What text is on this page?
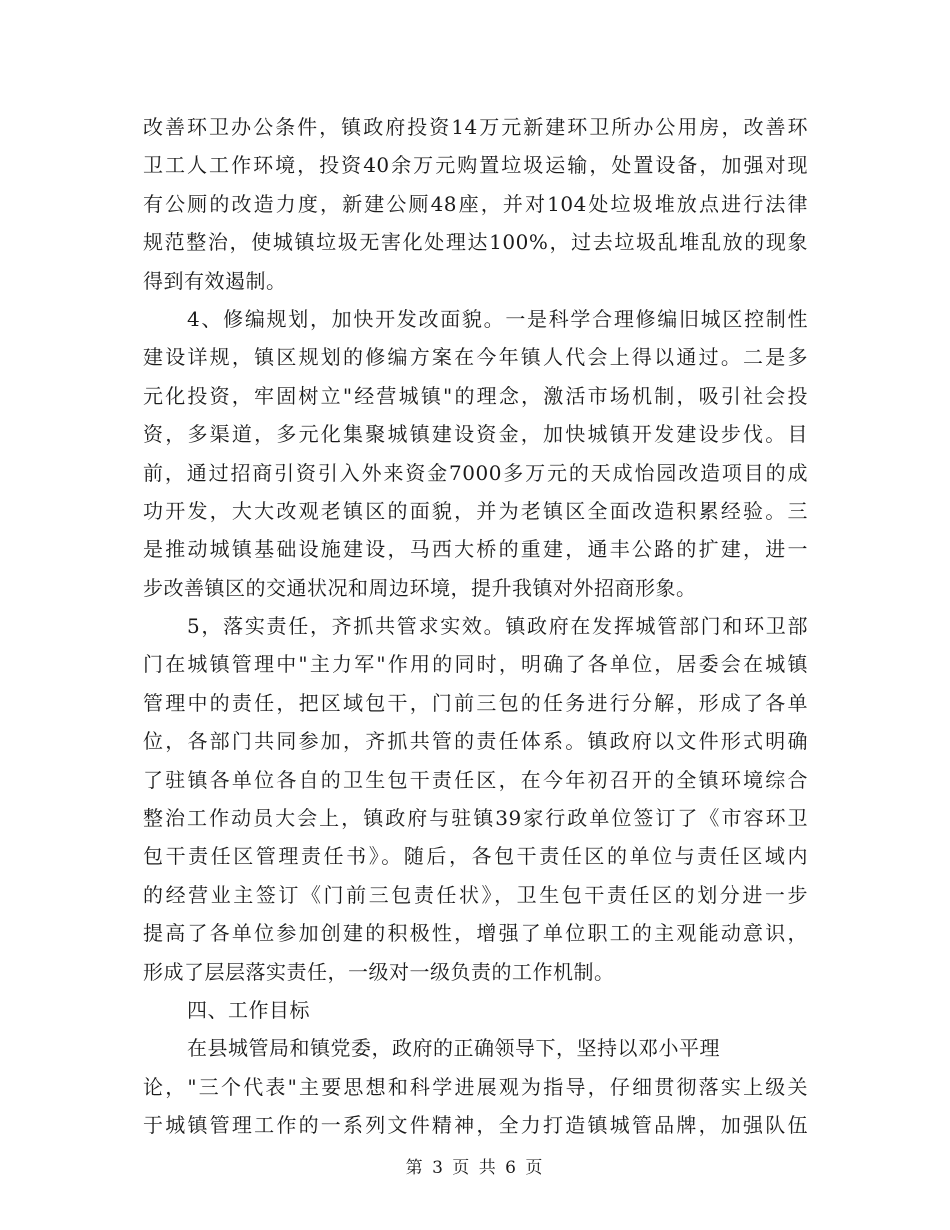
改善环卫办公条件，镇政府投资14万元新建环卫所办公用房，改善环
卫工人工作环境，投资40余万元购置垃圾运输，处置设备，加强对现
有公厕的改造力度，新建公厕48座，并对104处垃圾堆放点进行法律
规范整治，使城镇垃圾无害化处理达100%，过去垃圾乱堆乱放的现象
得到有效遏制。
4、修编规划，加快开发改面貌。一是科学合理修编旧城区控制性
建设详规，镇区规划的修编方案在今年镇人代会上得以通过。二是多
元化投资，牢固树立"经营城镇"的理念，激活市场机制，吸引社会投
资，多渠道，多元化集聚城镇建设资金，加快城镇开发建设步伐。目
前，通过招商引资引入外来资金7000多万元的天成怡园改造项目的成
功开发，大大改观老镇区的面貌，并为老镇区全面改造积累经验。三
是推动城镇基础设施建设，马西大桥的重建，通丰公路的扩建，进一
步改善镇区的交通状况和周边环境，提升我镇对外招商形象。
5，落实责任，齐抓共管求实效。镇政府在发挥城管部门和环卫部
门在城镇管理中"主力军"作用的同时，明确了各单位，居委会在城镇
管理中的责任，把区域包干，门前三包的任务进行分解，形成了各单
位，各部门共同参加，齐抓共管的责任体系。镇政府以文件形式明确
了驻镇各单位各自的卫生包干责任区，在今年初召开的全镇环境综合
整治工作动员大会上，镇政府与驻镇39家行政单位签订了《市容环卫
包干责任区管理责任书》。随后，各包干责任区的单位与责任区域内
的经营业主签订《门前三包责任状》，卫生包干责任区的划分进一步
提高了各单位参加创建的积极性，增强了单位职工的主观能动意识，
形成了层层落实责任，一级对一级负责的工作机制。
四、工作目标
在县城管局和镇党委，政府的正确领导下，坚持以邓小平理
论，"三个代表"主要思想和科学进展观为指导，仔细贯彻落实上级关
于城镇管理工作的一系列文件精神，全力打造镇城管品牌，加强队伍
第 3 页 共 6 页
